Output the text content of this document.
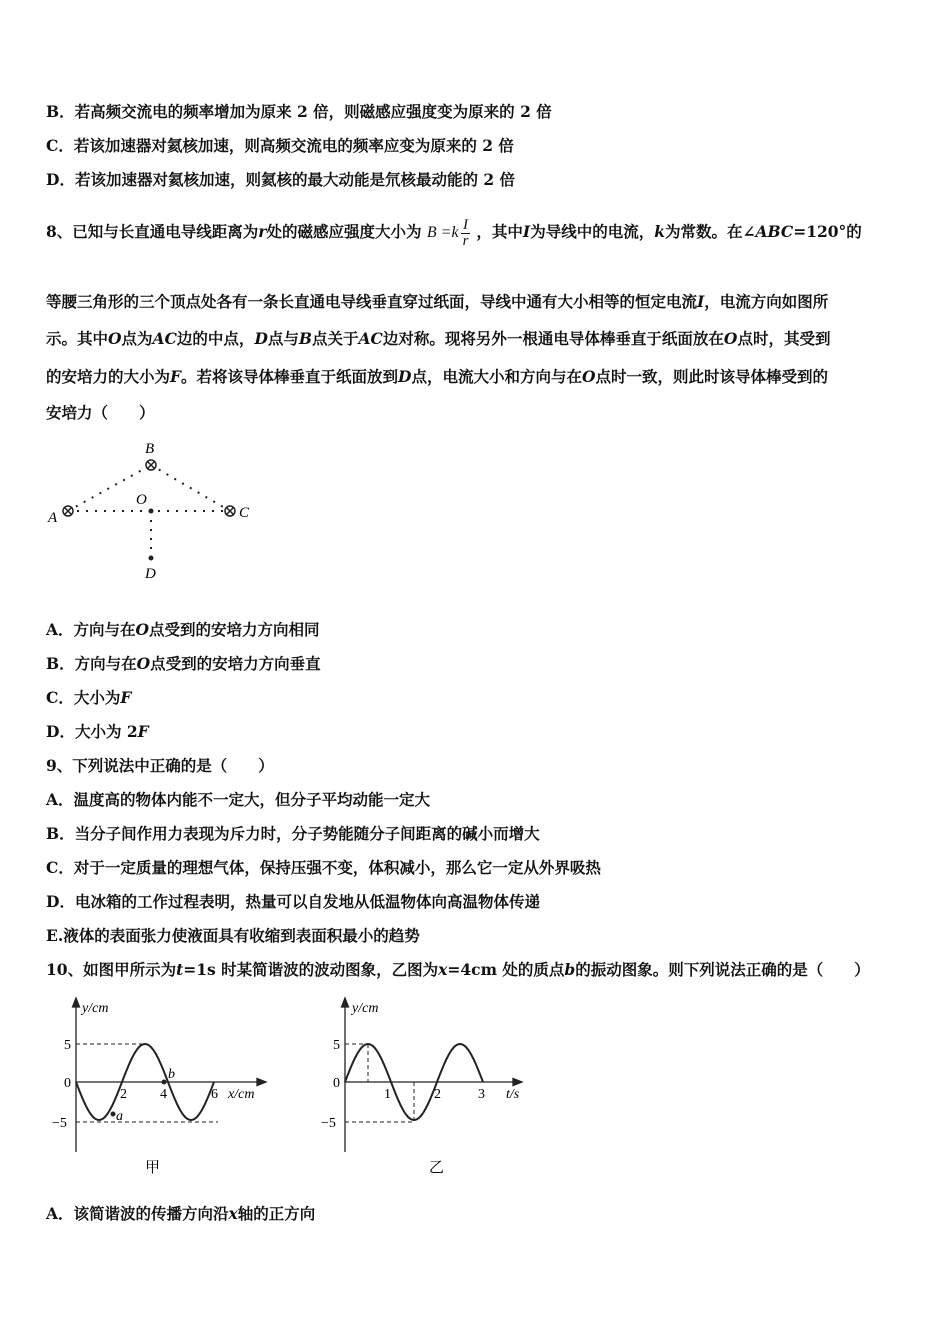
B．若高频交流电的频率增加为原来 2 倍，则磁感应强度变为原来的 2 倍
C．若该加速器对氦核加速，则高频交流电的频率应变为原来的 2 倍
D．若该加速器对氦核加速，则氦核的最大动能是氘核最动能的 2 倍
8、已知与长直通电导线距离为r处的磁感应强度大小为 $B =k \frac{I}{r}$ ，其中I为导线中的电流，k为常数。在∠ABC=120°的
等腰三角形的三个顶点处各有一条长直通电导线垂直穿过纸面，导线中通有大小相等的恒定电流I，电流方向如图所
示。其中O点为AC边的中点，D点与B点关于AC边对称。现将另外一根通电导体棒垂直于纸面放在O点时，其受到
的安培力的大小为F。若将该导体棒垂直于纸面放到D点，电流大小和方向与在O点时一致，则此时该导体棒受到的
安培力（　　）
A
B
C
O
D
A．方向与在O点受到的安培力方向相同
B．方向与在O点受到的安培力方向垂直
C．大小为F
D．大小为 2F
9、下列说法中正确的是（　　）
A．温度高的物体内能不一定大，但分子平均动能一定大
B．当分子间作用力表现为斥力时，分子势能随分子间距离的碱小而增大
C．对于一定质量的理想气体，保持压强不变，体积减小，那么它一定从外界吸热
D．电冰箱的工作过程表明，热量可以自发地从低温物体向高温物体传递
E.液体的表面张力使液面具有收缩到表面积最小的趋势
10、如图甲所示为t=1s 时某简谐波的波动图象，乙图为x=4cm 处的质点b的振动图象。则下列说法正确的是（　　）
y/cm
x/cm
5
0
−5
2 4	6
a
b
甲
y/cm
t/s
5
0
−5
1	2	3
乙
A．该简谐波的传播方向沿x轴的正方向
